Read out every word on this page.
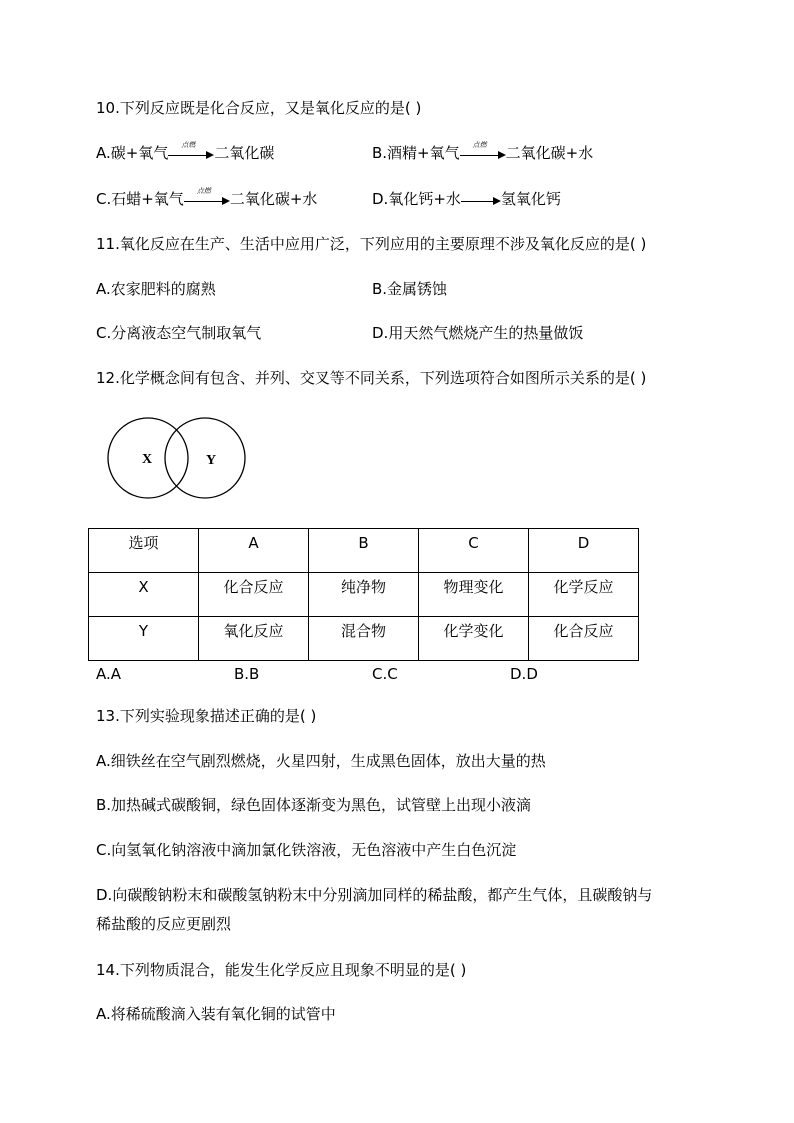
10.下列反应既是化合反应，又是氧化反应的是( )
A.碳+氧气	点燃	二氧化碳	B.酒精+氧气	点燃	二氧化碳+水
C.石蜡+氧气	点燃	二氧化碳+水	D.氧化钙+水	氢氧化钙
11.氧化反应在生产、生活中应用广泛，下列应用的主要原理不涉及氧化反应的是( )
A.农家肥料的腐熟	B.金属锈蚀
C.分离液态空气制取氧气	D.用天然气燃烧产生的热量做饭
12.化学概念间有包含、并列、交叉等不同关系，下列选项符合如图所示关系的是( )
X	Y
选项	A	B	C	D
X	化合反应	纯净物	物理变化	化学反应
Y	氧化反应	混合物	化学变化	化合反应
A.A	B.B	C.C	D.D
13.下列实验现象描述正确的是( )
A.细铁丝在空气剧烈燃烧，火星四射，生成黑色固体，放出大量的热
B.加热碱式碳酸铜，绿色固体逐渐变为黑色，试管壁上出现小液滴
C.向氢氧化钠溶液中滴加氯化铁溶液，无色溶液中产生白色沉淀
D.向碳酸钠粉末和碳酸氢钠粉末中分别滴加同样的稀盐酸，都产生气体，且碳酸钠与
稀盐酸的反应更剧烈
14.下列物质混合，能发生化学反应且现象不明显的是( )
A.将稀硫酸滴入装有氧化铜的试管中
